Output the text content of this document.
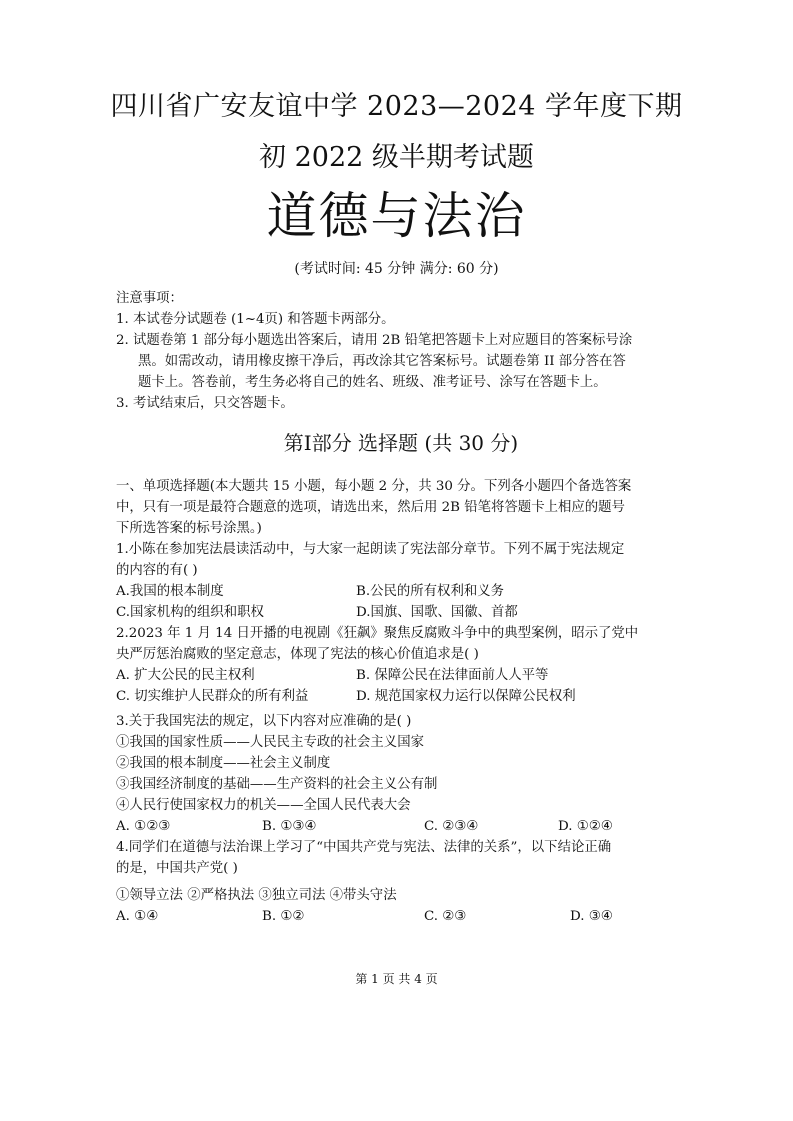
四川省广安友谊中学 2023—2024 学年度下期
初 2022 级半期考试题
道德与法治
(考试时间: 45 分钟 满分: 60 分)
注意事项：
1. 本试卷分试题卷 (1~4页) 和答题卡两部分。
2. 试题卷第 1 部分每小题选出答案后，请用 2B 铅笔把答题卡上对应题目的答案标号涂
黑。如需改动，请用橡皮擦干净后，再改涂其它答案标号。试题卷第 II 部分答在答
题卡上。答卷前，考生务必将自己的姓名、班级、准考证号、涂写在答题卡上。
3. 考试结束后，只交答题卡。
第Ⅰ部分 选择题 (共 30 分)
一、单项选择题(本大题共 15 小题，每小题 2 分，共 30 分。下列各小题四个备选答案
中，只有一项是最符合题意的选项，请选出来，然后用 2B 铅笔将答题卡上相应的题号
下所选答案的标号涂黑。)
1.小陈在参加宪法晨读活动中，与大家一起朗读了宪法部分章节。下列不属于宪法规定
的内容的有( )
A.我国的根本制度	B.公民的所有权利和义务
C.国家机构的组织和职权	D.国旗、国歌、国徽、首都
2.2023 年 1 月 14 日开播的电视剧《狂飙》聚焦反腐败斗争中的典型案例，昭示了党中
央严厉惩治腐败的坚定意志，体现了宪法的核心价值追求是( )
A. 扩大公民的民主权利	B. 保障公民在法律面前人人平等
C. 切实维护人民群众的所有利益	D. 规范国家权力运行以保障公民权利
3.关于我国宪法的规定，以下内容对应准确的是( )
①我国的国家性质——人民民主专政的社会主义国家
②我国的根本制度——社会主义制度
③我国经济制度的基础——生产资料的社会主义公有制
④人民行使国家权力的机关——全国人民代表大会
A. ①②③	B. ①③④	C. ②③④	D. ①②④
4.同学们在道德与法治课上学习了“中国共产党与宪法、法律的关系”，以下结论正确
的是，中国共产党( )
①领导立法 ②严格执法 ③独立司法 ④带头守法
A. ①④	B. ①②	C. ②③	D. ③④
第 1 页 共 4 页
